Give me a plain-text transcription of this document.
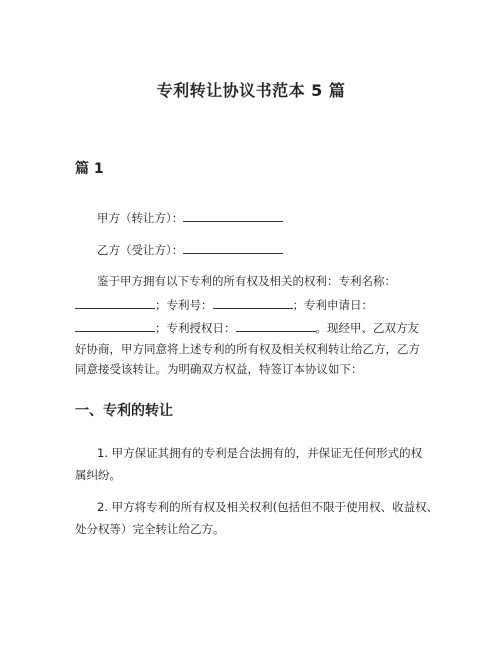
专利转让协议书范本 5 篇
篇 1
甲方（转让方）：
乙方（受让方）：
鉴于甲方拥有以下专利的所有权及相关的权利：专利名称：
；专利号：	；专利申请日：
；专利授权日：	。现经甲、乙双方友
好协商，甲方同意将上述专利的所有权及相关权利转让给乙方，乙方
同意接受该转让。为明确双方权益，特签订本协议如下：
一、专利的转让
1. 甲方保证其拥有的专利是合法拥有的，并保证无任何形式的权
属纠纷。
2. 甲方将专利的所有权及相关权利(包括但不限于使用权、收益权、
处分权等）完全转让给乙方。
